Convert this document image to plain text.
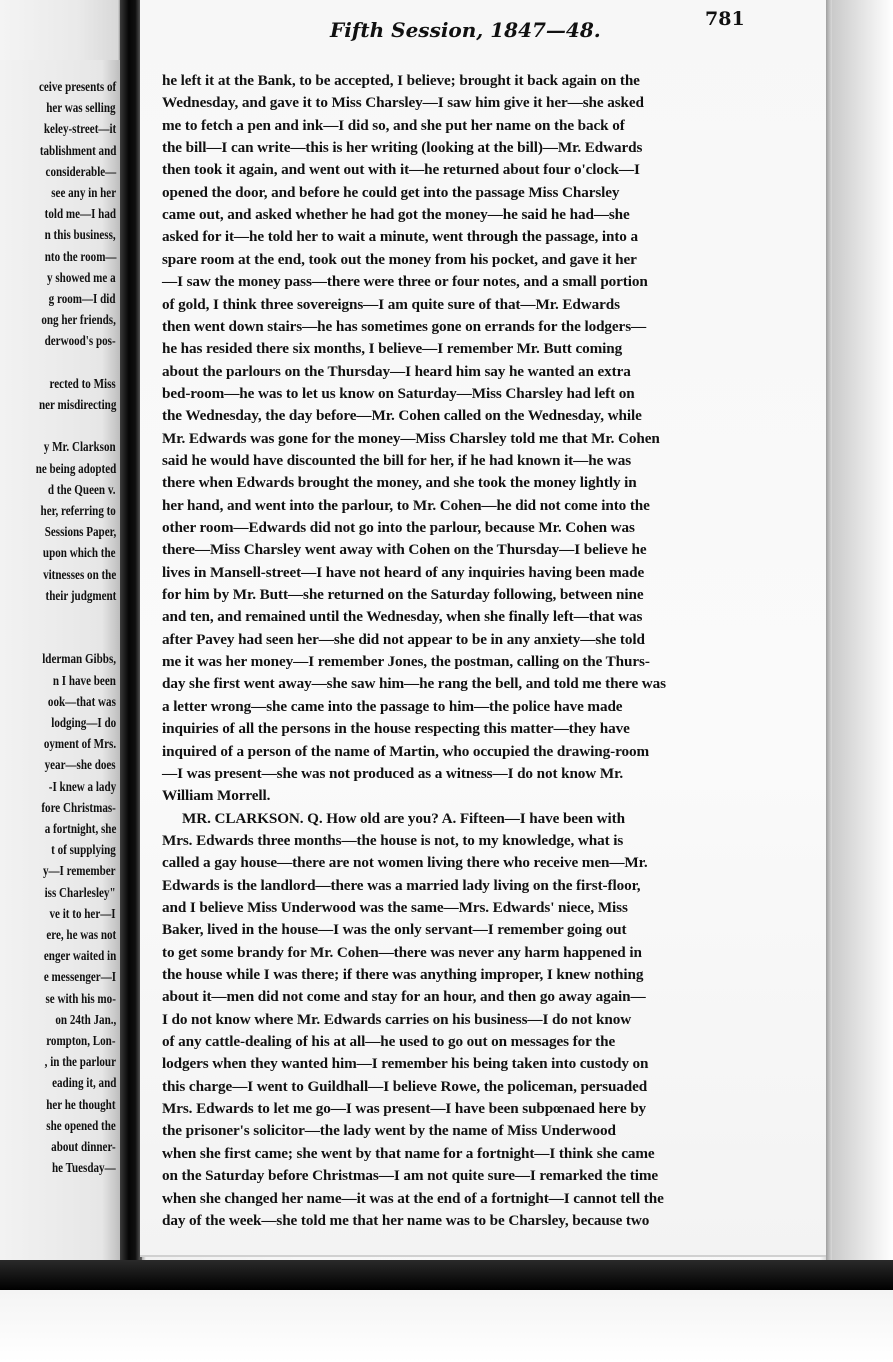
ceive presents of
her was selling
keley-street—it
tablishment and
considerable—
see any in her
told me—I had
n this business,
nto the room—
y showed me a
g room—I did
ong her friends,
derwood's pos-
rected to Miss
ner misdirecting
y Mr. Clarkson
ne being adopted
d the Queen v.
her, referring to
Sessions Paper,
upon which the
vitnesses on the
their judgment
lderman Gibbs,
n I have been
ook—that was
lodging—I do
oyment of Mrs.
year—she does
-I knew a lady
fore Christmas-
a fortnight, she
t of supplying
y—I remember
iss Charlesley"
ve it to her—I
ere, he was not
enger waited in
e messenger—I
se with his mo-
on 24th Jan.,
rompton, Lon-
, in the parlour
eading it, and
her he thought
she opened the
about dinner-
he Tuesday—
Fifth Session, 1847—48.	781
he left it at the Bank, to be accepted, I believe; brought it back again on the
Wednesday, and gave it to Miss Charsley—I saw him give it her—she asked
me to fetch a pen and ink—I did so, and she put her name on the back of
the bill—I can write—this is her writing (looking at the bill)—Mr. Edwards
then took it again, and went out with it—he returned about four o'clock—I
opened the door, and before he could get into the passage Miss Charsley
came out, and asked whether he had got the money—he said he had—she
asked for it—he told her to wait a minute, went through the passage, into a
spare room at the end, took out the money from his pocket, and gave it her
—I saw the money pass—there were three or four notes, and a small portion
of gold, I think three sovereigns—I am quite sure of that—Mr. Edwards
then went down stairs—he has sometimes gone on errands for the lodgers—
he has resided there six months, I believe—I remember Mr. Butt coming
about the parlours on the Thursday—I heard him say he wanted an extra
bed-room—he was to let us know on Saturday—Miss Charsley had left on
the Wednesday, the day before—Mr. Cohen called on the Wednesday, while
Mr. Edwards was gone for the money—Miss Charsley told me that Mr. Cohen
said he would have discounted the bill for her, if he had known it—he was
there when Edwards brought the money, and she took the money lightly in
her hand, and went into the parlour, to Mr. Cohen—he did not come into the
other room—Edwards did not go into the parlour, because Mr. Cohen was
there—Miss Charsley went away with Cohen on the Thursday—I believe he
lives in Mansell-street—I have not heard of any inquiries having been made
for him by Mr. Butt—she returned on the Saturday following, between nine
and ten, and remained until the Wednesday, when she finally left—that was
after Pavey had seen her—she did not appear to be in any anxiety—she told
me it was her money—I remember Jones, the postman, calling on the Thurs-
day she first went away—she saw him—he rang the bell, and told me there was
a letter wrong—she came into the passage to him—the police have made
inquiries of all the persons in the house respecting this matter—they have
inquired of a person of the name of Martin, who occupied the drawing-room
—I was present—she was not produced as a witness—I do not know Mr.
William Morrell.
MR. CLARKSON. Q. How old are you? A. Fifteen—I have been with
Mrs. Edwards three months—the house is not, to my knowledge, what is
called a gay house—there are not women living there who receive men—Mr.
Edwards is the landlord—there was a married lady living on the first-floor,
and I believe Miss Underwood was the same—Mrs. Edwards' niece, Miss
Baker, lived in the house—I was the only servant—I remember going out
to get some brandy for Mr. Cohen—there was never any harm happened in
the house while I was there; if there was anything improper, I knew nothing
about it—men did not come and stay for an hour, and then go away again—
I do not know where Mr. Edwards carries on his business—I do not know
of any cattle-dealing of his at all—he used to go out on messages for the
lodgers when they wanted him—I remember his being taken into custody on
this charge—I went to Guildhall—I believe Rowe, the policeman, persuaded
Mrs. Edwards to let me go—I was present—I have been subpœnaed here by
the prisoner's solicitor—the lady went by the name of Miss Underwood
when she first came; she went by that name for a fortnight—I think she came
on the Saturday before Christmas—I am not quite sure—I remarked the time
when she changed her name—it was at the end of a fortnight—I cannot tell the
day of the week—she told me that her name was to be Charsley, because two
